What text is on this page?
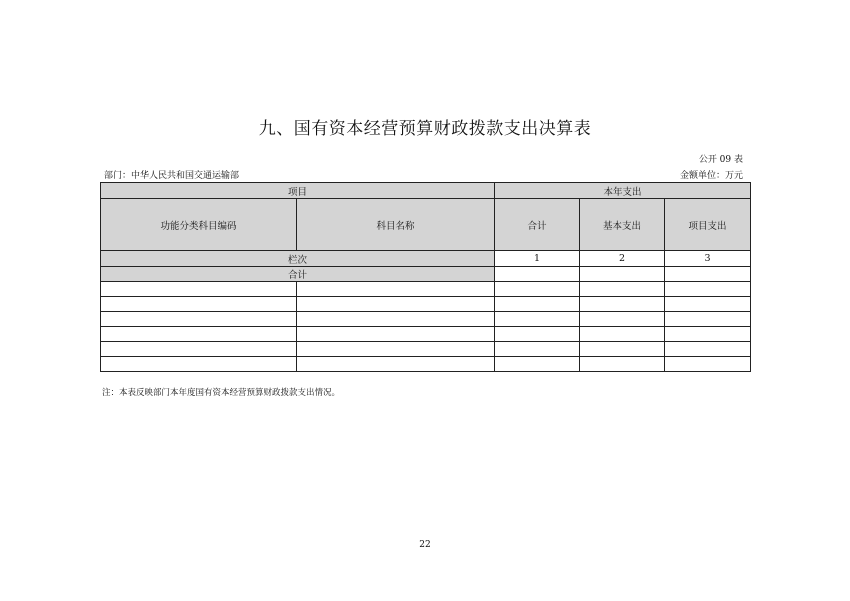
九、国有资本经营预算财政拨款支出决算表
公开 09 表
部门：中华人民共和国交通运输部	金额单位：万元
项目		本年支出		
功能分类科目编码	科目名称	合计	基本支出	项目支出
栏次		1	2	3
合计				

注：本表反映部门本年度国有资本经营预算财政拨款支出情况。
22
